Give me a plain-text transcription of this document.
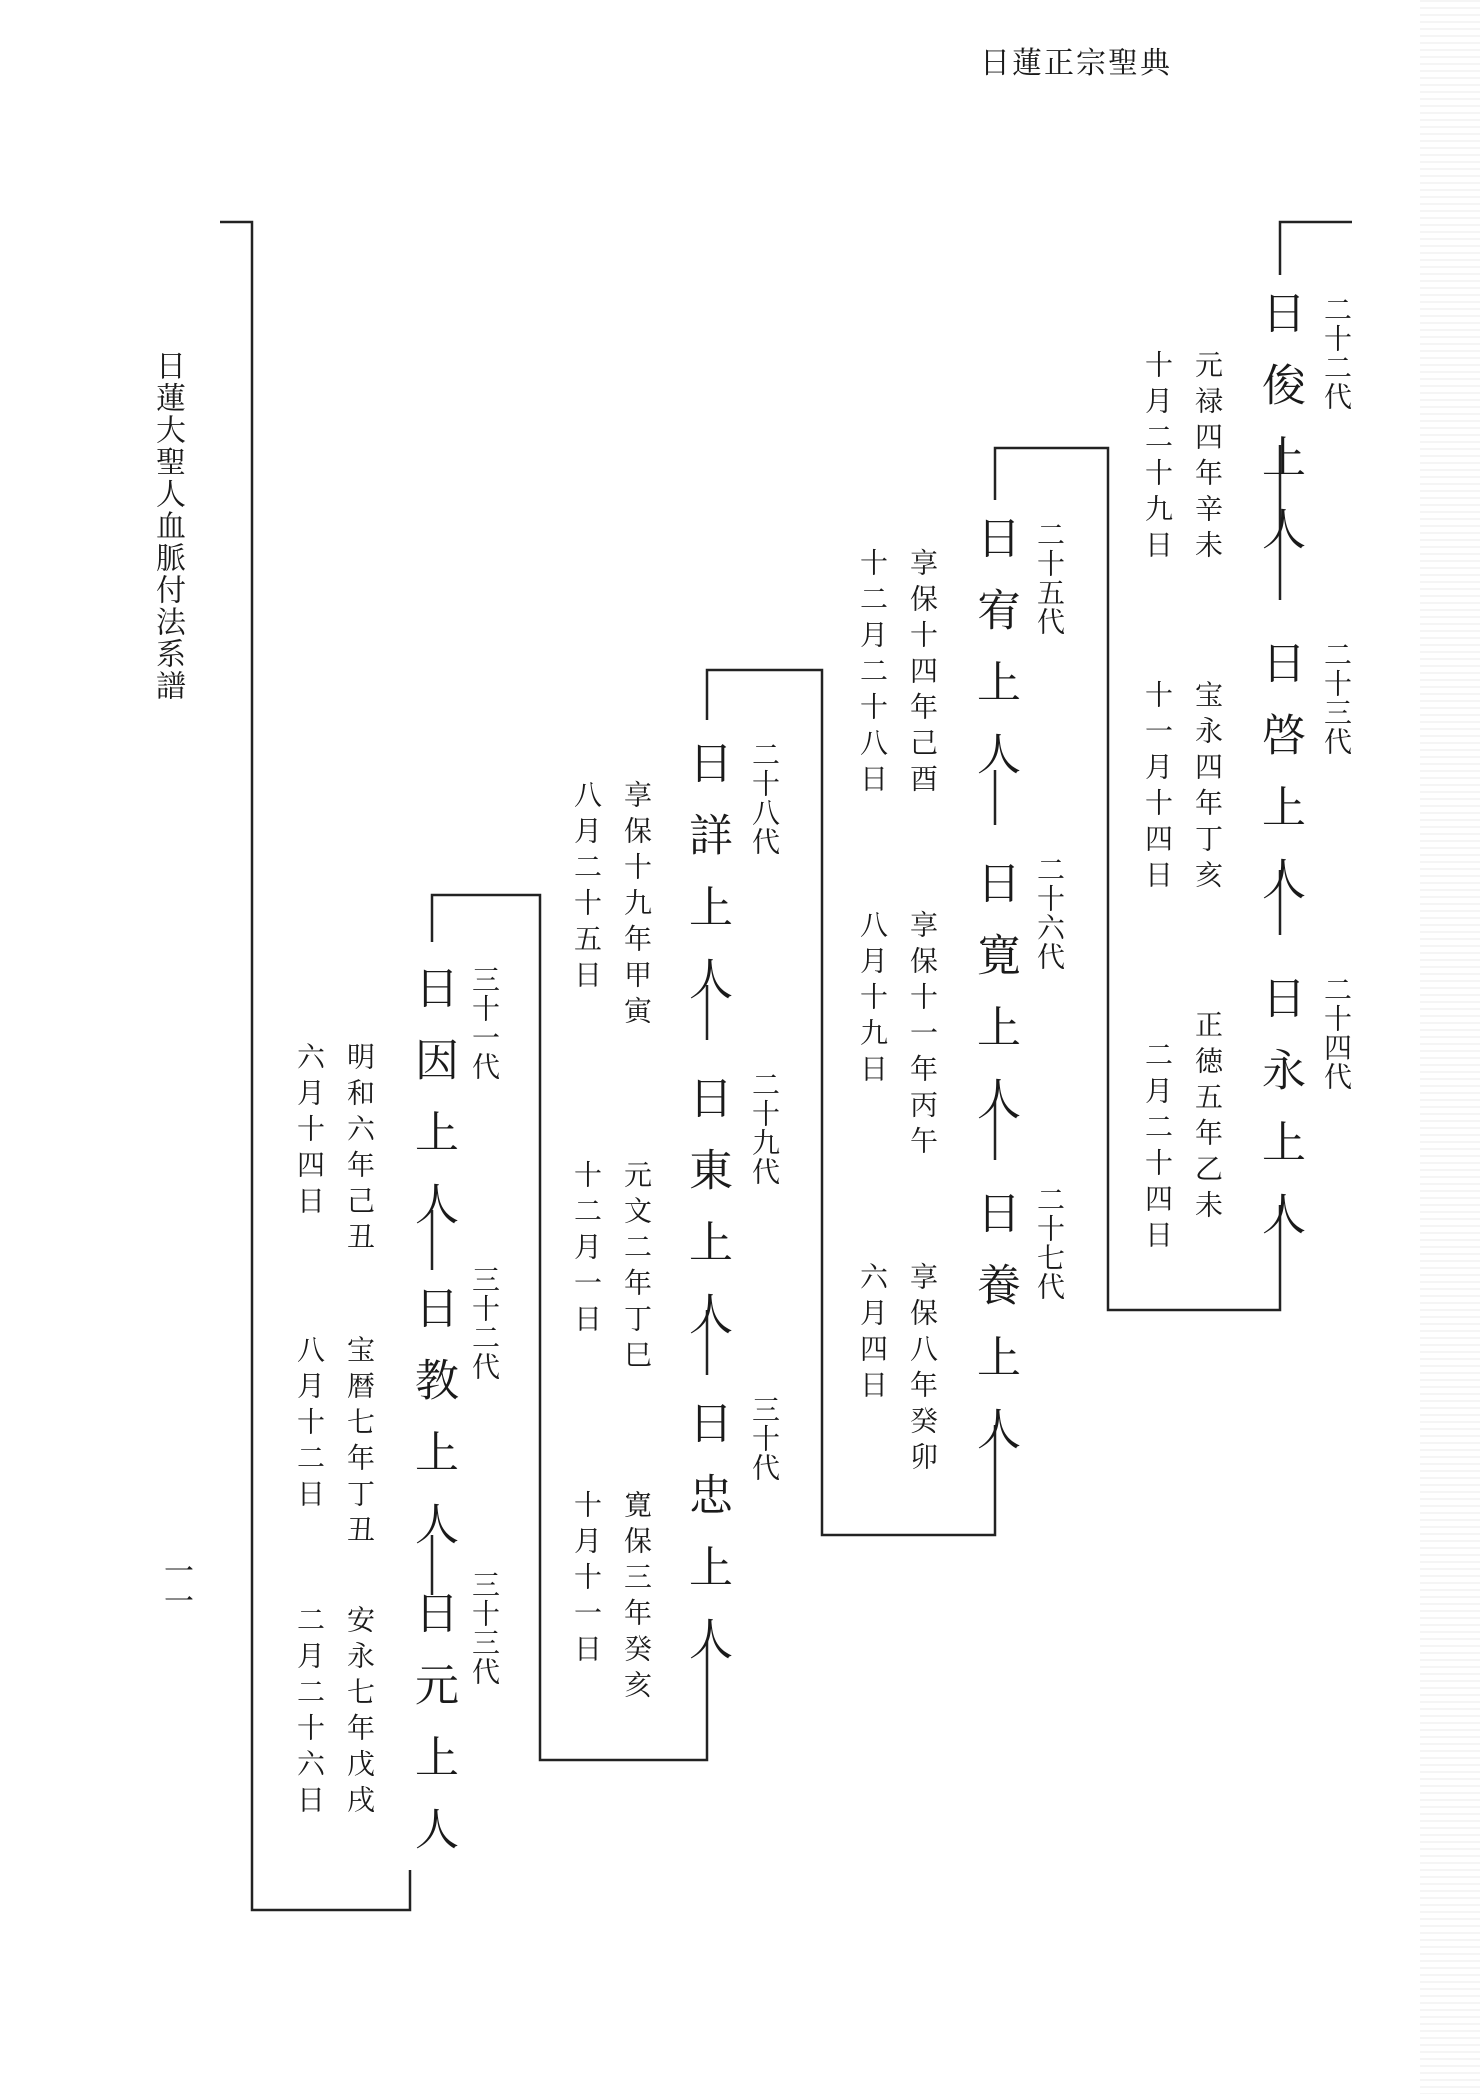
日蓮正宗聖典
日蓮大聖人血脈付法系譜
一一
二十二代
日俊上人
元禄四年辛未
十月二十九日
二十三代
日啓上人
宝永四年丁亥
十一月十四日
二十四代
日永上人
正徳五年乙未
二月二十四日
二十五代
日宥上人
享保十四年己酉
十二月二十八日
二十六代
日寛上人
享保十一年丙午
八月十九日
二十七代
日養上人
享保八年癸卯
六月四日
二十八代
日詳上人
享保十九年甲寅
八月二十五日
二十九代
日東上人
元文二年丁巳
十二月一日
三十代
日忠上人
寛保三年癸亥
十月十一日
三十一代
日因上人
明和六年己丑
六月十四日
三十二代
日教上人
宝暦七年丁丑
八月十二日
三十三代
日元上人
安永七年戊戌
二月二十六日
